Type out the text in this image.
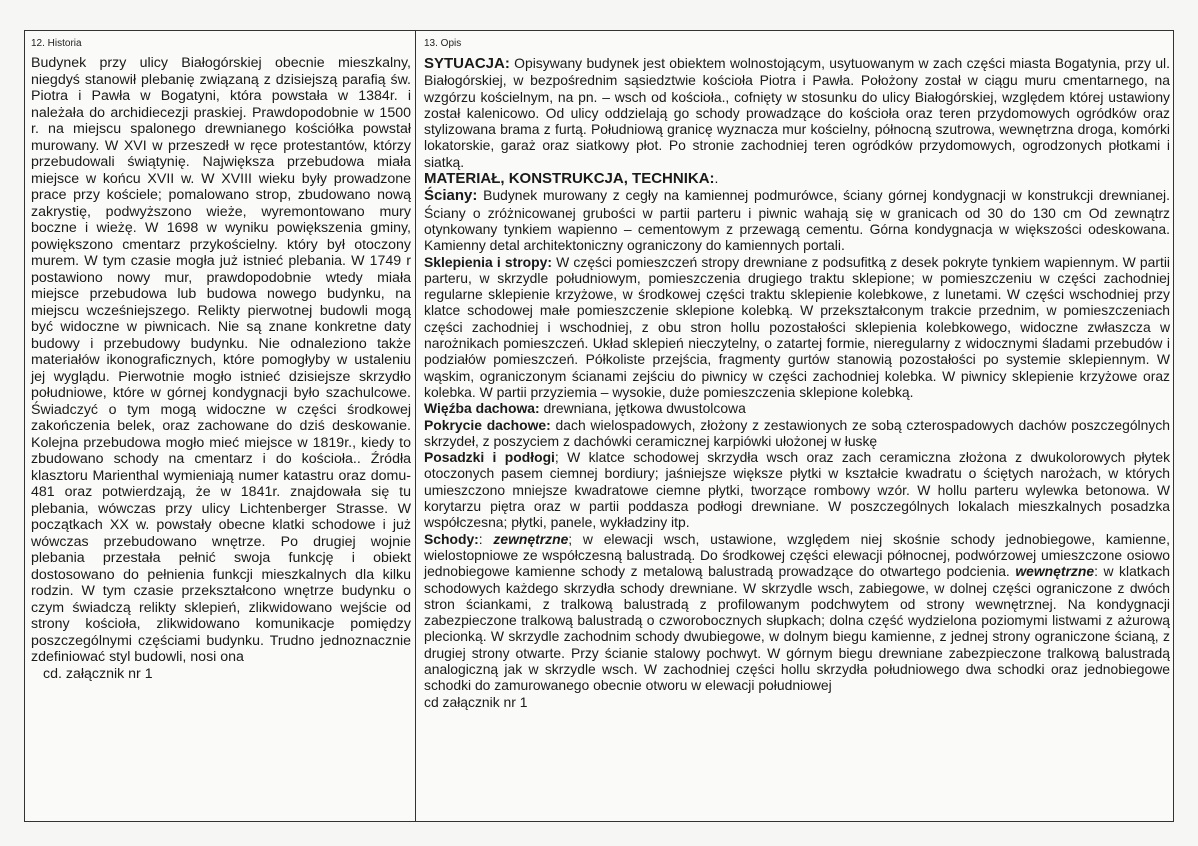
12. Historia	13. Opis

Budynek przy ulicy Białogórskiej obecnie mieszkalny, niegdyś stanowił plebanię związaną z dzisiejszą parafią św. Piotra i Pawła w Bogatyni, która powstała w 1384r. i należała do archidiecezji praskiej. Prawdopodobnie w 1500 r. na miejscu spalonego drewnianego kościółka powstał murowany. W XVI w przeszedł w ręce protestantów, którzy przebudowali świątynię. Największa przebudowa miała miejsce w końcu XVII w. W XVIII wieku były prowadzone prace przy kościele; pomalowano strop, zbudowano nową zakrystię, podwyższono wieże, wyremontowano mury boczne i wieżę. W 1698 w wyniku powiększenia gminy, powiększono cmentarz przykościelny. który był otoczony murem. W tym czasie mogła już istnieć plebania. W 1749 r postawiono nowy mur, prawdopodobnie wtedy miała miejsce przebudowa lub budowa nowego budynku, na miejscu wcześniejszego. Relikty pierwotnej budowli mogą być widoczne w piwnicach. Nie są znane konkretne daty budowy i przebudowy budynku. Nie odnaleziono także materiałów ikonograficznych, które pomogłyby w ustaleniu jej wyglądu. Pierwotnie mogło istnieć dzisiejsze skrzydło południowe, które w górnej kondygnacji było szachulcowe. Świadczyć o tym mogą widoczne w części środkowej zakończenia belek, oraz zachowane do dziś deskowanie. Kolejna przebudowa mogło mieć miejsce w 1819r., kiedy to zbudowano schody na cmentarz i do kościoła.. Źródła klasztoru Marienthal wymieniają numer katastru oraz domu- 481 oraz potwierdzają, że w 1841r. znajdowała się tu plebania, wówczas przy ulicy Lichtenberger Strasse. W początkach XX w. powstały obecne klatki schodowe i już wówczas przebudowano wnętrze. Po drugiej wojnie plebania przestała pełnić swoja funkcję i obiekt dostosowano do pełnienia funkcji mieszkalnych dla kilku rodzin. W tym czasie przekształcono wnętrze budynku o czym świadczą relikty sklepień, zlikwidowano wejście od strony kościoła, zlikwidowano komunikacje pomiędzy poszczególnymi częściami budynku. Trudno jednoznacznie zdefiniować styl budowli, nosi ona

cd. załącznik nr 1

SYTUACJA: Opisywany budynek jest obiektem wolnostojącym, usytuowanym w zach części miasta Bogatynia, przy ul. Białogórskiej, w bezpośrednim sąsiedztwie kościoła Piotra i Pawła. Położony został w ciągu muru cmentarnego, na wzgórzu kościelnym, na pn. – wsch od kościoła., cofnięty w stosunku do ulicy Białogórskiej, względem której ustawiony został kalenicowo. Od ulicy oddzielają go schody prowadzące do kościoła oraz teren przydomowych ogródków oraz stylizowana brama z furtą. Południową granicę wyznacza mur kościelny, północną szutrowa, wewnętrzna droga, komórki lokatorskie, garaż oraz siatkowy płot. Po stronie zachodniej teren ogródków przydomowych, ogrodzonych płotkami i siatką.

MATERIAŁ, KONSTRUKCJA, TECHNIKA:.

Ściany: Budynek murowany z cegły na kamiennej podmurówce, ściany górnej kondygnacji w konstrukcji drewnianej. Ściany o zróżnicowanej grubości w partii parteru i piwnic wahają się w granicach od 30 do 130 cm Od zewnątrz otynkowany tynkiem wapienno – cementowym z przewagą cementu. Górna kondygnacja w większości odeskowana. Kamienny detal architektoniczny ograniczony do kamiennych portali.

Sklepienia i stropy: W części pomieszczeń stropy drewniane z podsufitką z desek pokryte tynkiem wapiennym. W partii parteru, w skrzydle południowym, pomieszczenia drugiego traktu sklepione; w pomieszczeniu w części zachodniej regularne sklepienie krzyżowe, w środkowej części traktu sklepienie kolebkowe, z lunetami. W części wschodniej przy klatce schodowej małe pomieszczenie sklepione kolebką. W przekształconym trakcie przednim, w pomieszczeniach części zachodniej i wschodniej, z obu stron hollu pozostałości sklepienia kolebkowego, widoczne zwłaszcza w narożnikach pomieszczeń. Układ sklepień nieczytelny, o zatartej formie, nieregularny z widocznymi śladami przebudów i podziałów pomieszczeń. Półkoliste przejścia, fragmenty gurtów stanowią pozostałości po systemie sklepiennym. W wąskim, ograniczonym ścianami zejściu do piwnicy w części zachodniej kolebka. W piwnicy sklepienie krzyżowe oraz kolebka. W partii przyziemia – wysokie, duże pomieszczenia sklepione kolebką.

Więźba dachowa: drewniana, jętkowa dwustolcowa

Pokrycie dachowe: dach wielospadowych, złożony z zestawionych ze sobą czterospadowych dachów poszczególnych skrzydeł, z poszyciem z dachówki ceramicznej karpiówki ułożonej w łuskę

Posadzki i podłogi; W klatce schodowej skrzydła wsch oraz zach ceramiczna złożona z dwukolorowych płytek otoczonych pasem ciemnej bordiury; jaśniejsze większe płytki w kształcie kwadratu o ściętych narożach, w których umieszczono mniejsze kwadratowe ciemne płytki, tworzące rombowy wzór. W hollu parteru wylewka betonowa. W korytarzu piętra oraz w partii poddasza podłogi drewniane. W poszczególnych lokalach mieszkalnych posadzka współczesna; płytki, panele, wykładziny itp.

Schody:: zewnętrzne; w elewacji wsch, ustawione, względem niej skośnie schody jednobiegowe, kamienne, wielostopniowe ze współczesną balustradą. Do środkowej części elewacji północnej, podwórzowej umieszczone osiowo jednobiegowe kamienne schody z metalową balustradą prowadzące do otwartego podcienia. wewnętrzne: w klatkach schodowych każdego skrzydła schody drewniane. W skrzydle wsch, zabiegowe, w dolnej części ograniczone z dwóch stron ściankami, z tralkową balustradą z profilowanym podchwytem od strony wewnętrznej. Na kondygnacji zabezpieczone tralkową balustradą o czworobocznych słupkach; dolna część wydzielona poziomymi listwami z ażurową plecionką. W skrzydle zachodnim schody dwubiegowe, w dolnym biegu kamienne, z jednej strony ograniczone ścianą, z drugiej strony otwarte. Przy ścianie stalowy pochwyt. W górnym biegu drewniane zabezpieczone tralkową balustradą analogiczną jak w skrzydle wsch. W zachodniej części hollu skrzydła południowego dwa schodki oraz jednobiegowe schodki do zamurowanego obecnie otworu w elewacji południowej

cd załącznik nr 1
